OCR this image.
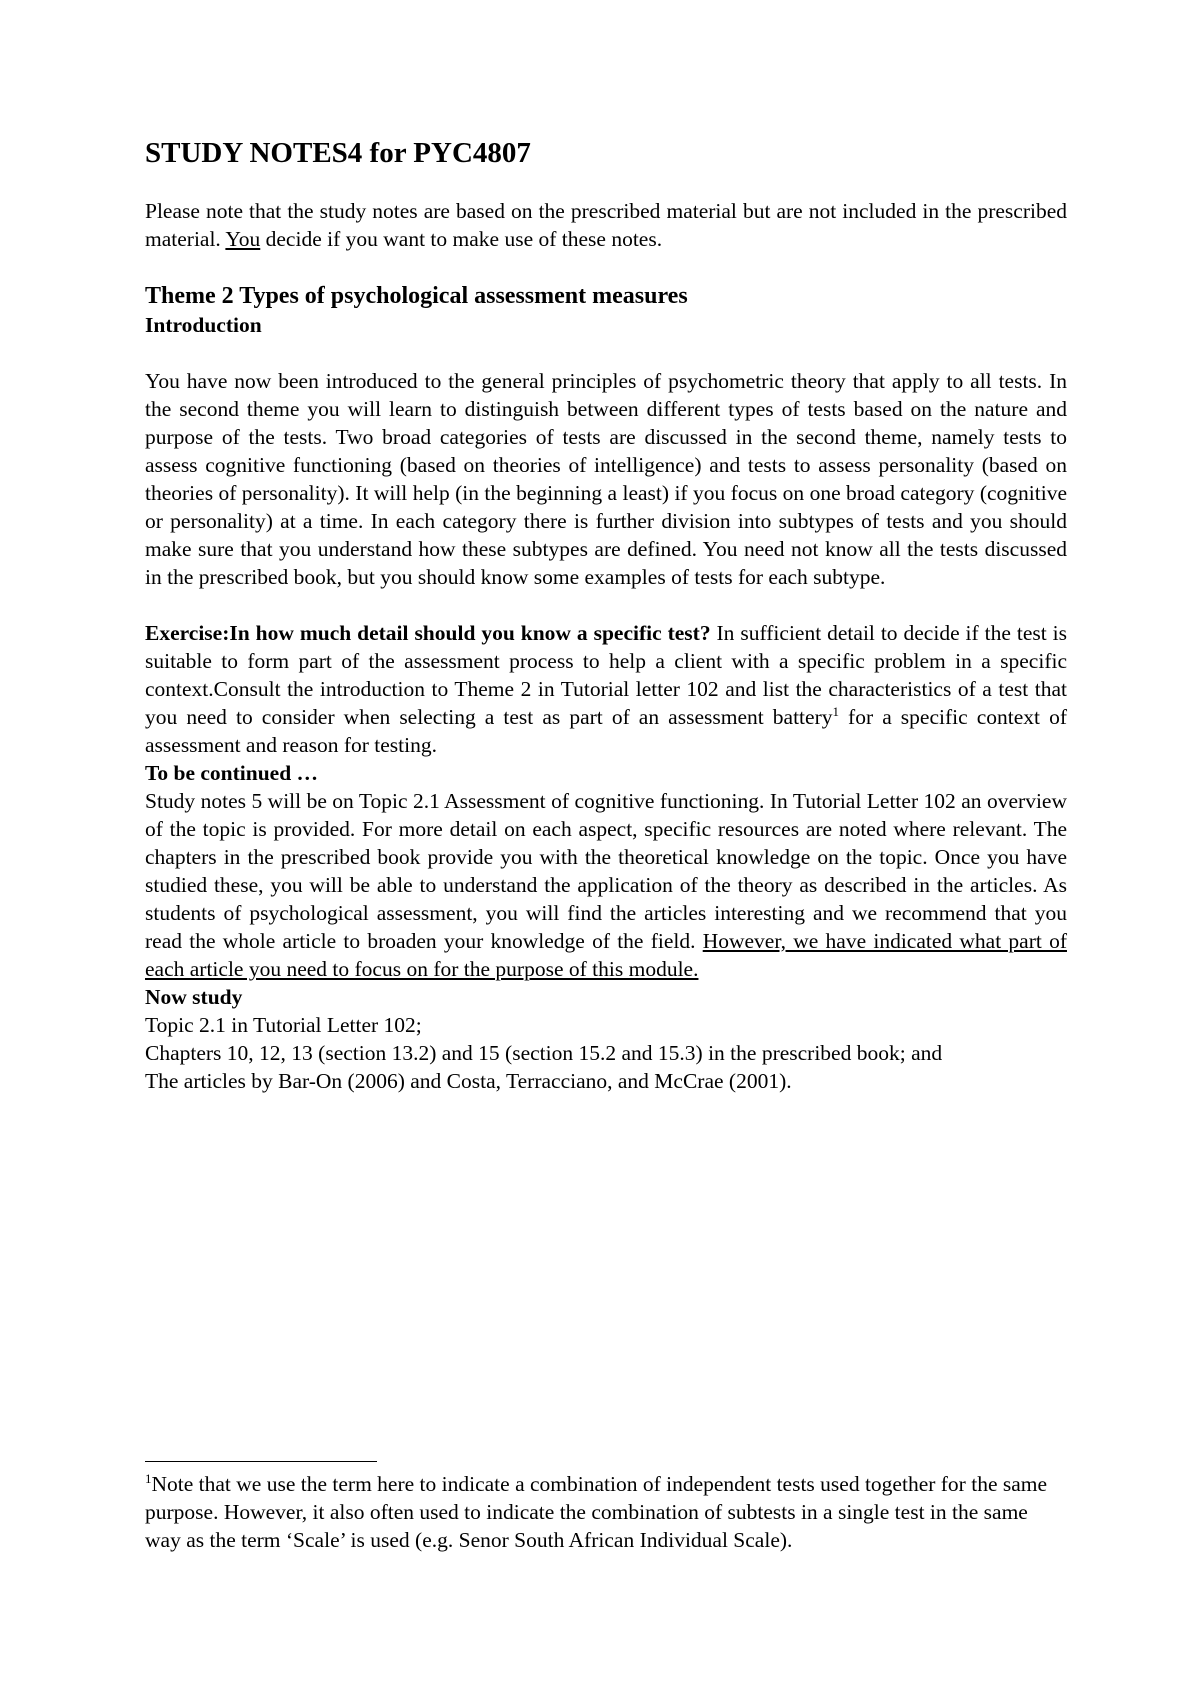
STUDY NOTES4 for PYC4807

Please note that the study notes are based on the prescribed material but are not included in the prescribed material. You decide if you want to make use of these notes.

Theme 2 Types of psychological assessment measures
Introduction

You have now been introduced to the general principles of psychometric theory that apply to all tests. In the second theme you will learn to distinguish between different types of tests based on the nature and purpose of the tests. Two broad categories of tests are discussed in the second theme, namely tests to assess cognitive functioning (based on theories of intelligence) and tests to assess personality (based on theories of personality). It will help (in the beginning a least) if you focus on one broad category (cognitive or personality) at a time. In each category there is further division into subtypes of tests and you should make sure that you understand how these subtypes are defined. You need not know all the tests discussed in the prescribed book, but you should know some examples of tests for each subtype.

Exercise:In how much detail should you know a specific test? In sufficient detail to decide if the test is suitable to form part of the assessment process to help a client with a specific problem in a specific context.Consult the introduction to Theme 2 in Tutorial letter 102 and list the characteristics of a test that you need to consider when selecting a test as part of an assessment battery$^1$ for a specific context of assessment and reason for testing.

To be continued …

Study notes 5 will be on Topic 2.1 Assessment of cognitive functioning. In Tutorial Letter 102 an overview of the topic is provided. For more detail on each aspect, specific resources are noted where relevant. The chapters in the prescribed book provide you with the theoretical knowledge on the topic. Once you have studied these, you will be able to understand the application of the theory as described in the articles. As students of psychological assessment, you will find the articles interesting and we recommend that you read the whole article to broaden your knowledge of the field. However, we have indicated what part of each article you need to focus on for the purpose of this module.

Now study

Topic 2.1 in Tutorial Letter 102;

Chapters 10, 12, 13 (section 13.2) and 15 (section 15.2 and 15.3) in the prescribed book; and

The articles by Bar-On (2006) and Costa, Terracciano, and McCrae (2001).

$^1$Note that we use the term here to indicate a combination of independent tests used together for the same purpose. However, it also often used to indicate the combination of subtests in a single test in the same way as the term ‘Scale’ is used (e.g. Senor South African Individual Scale).
